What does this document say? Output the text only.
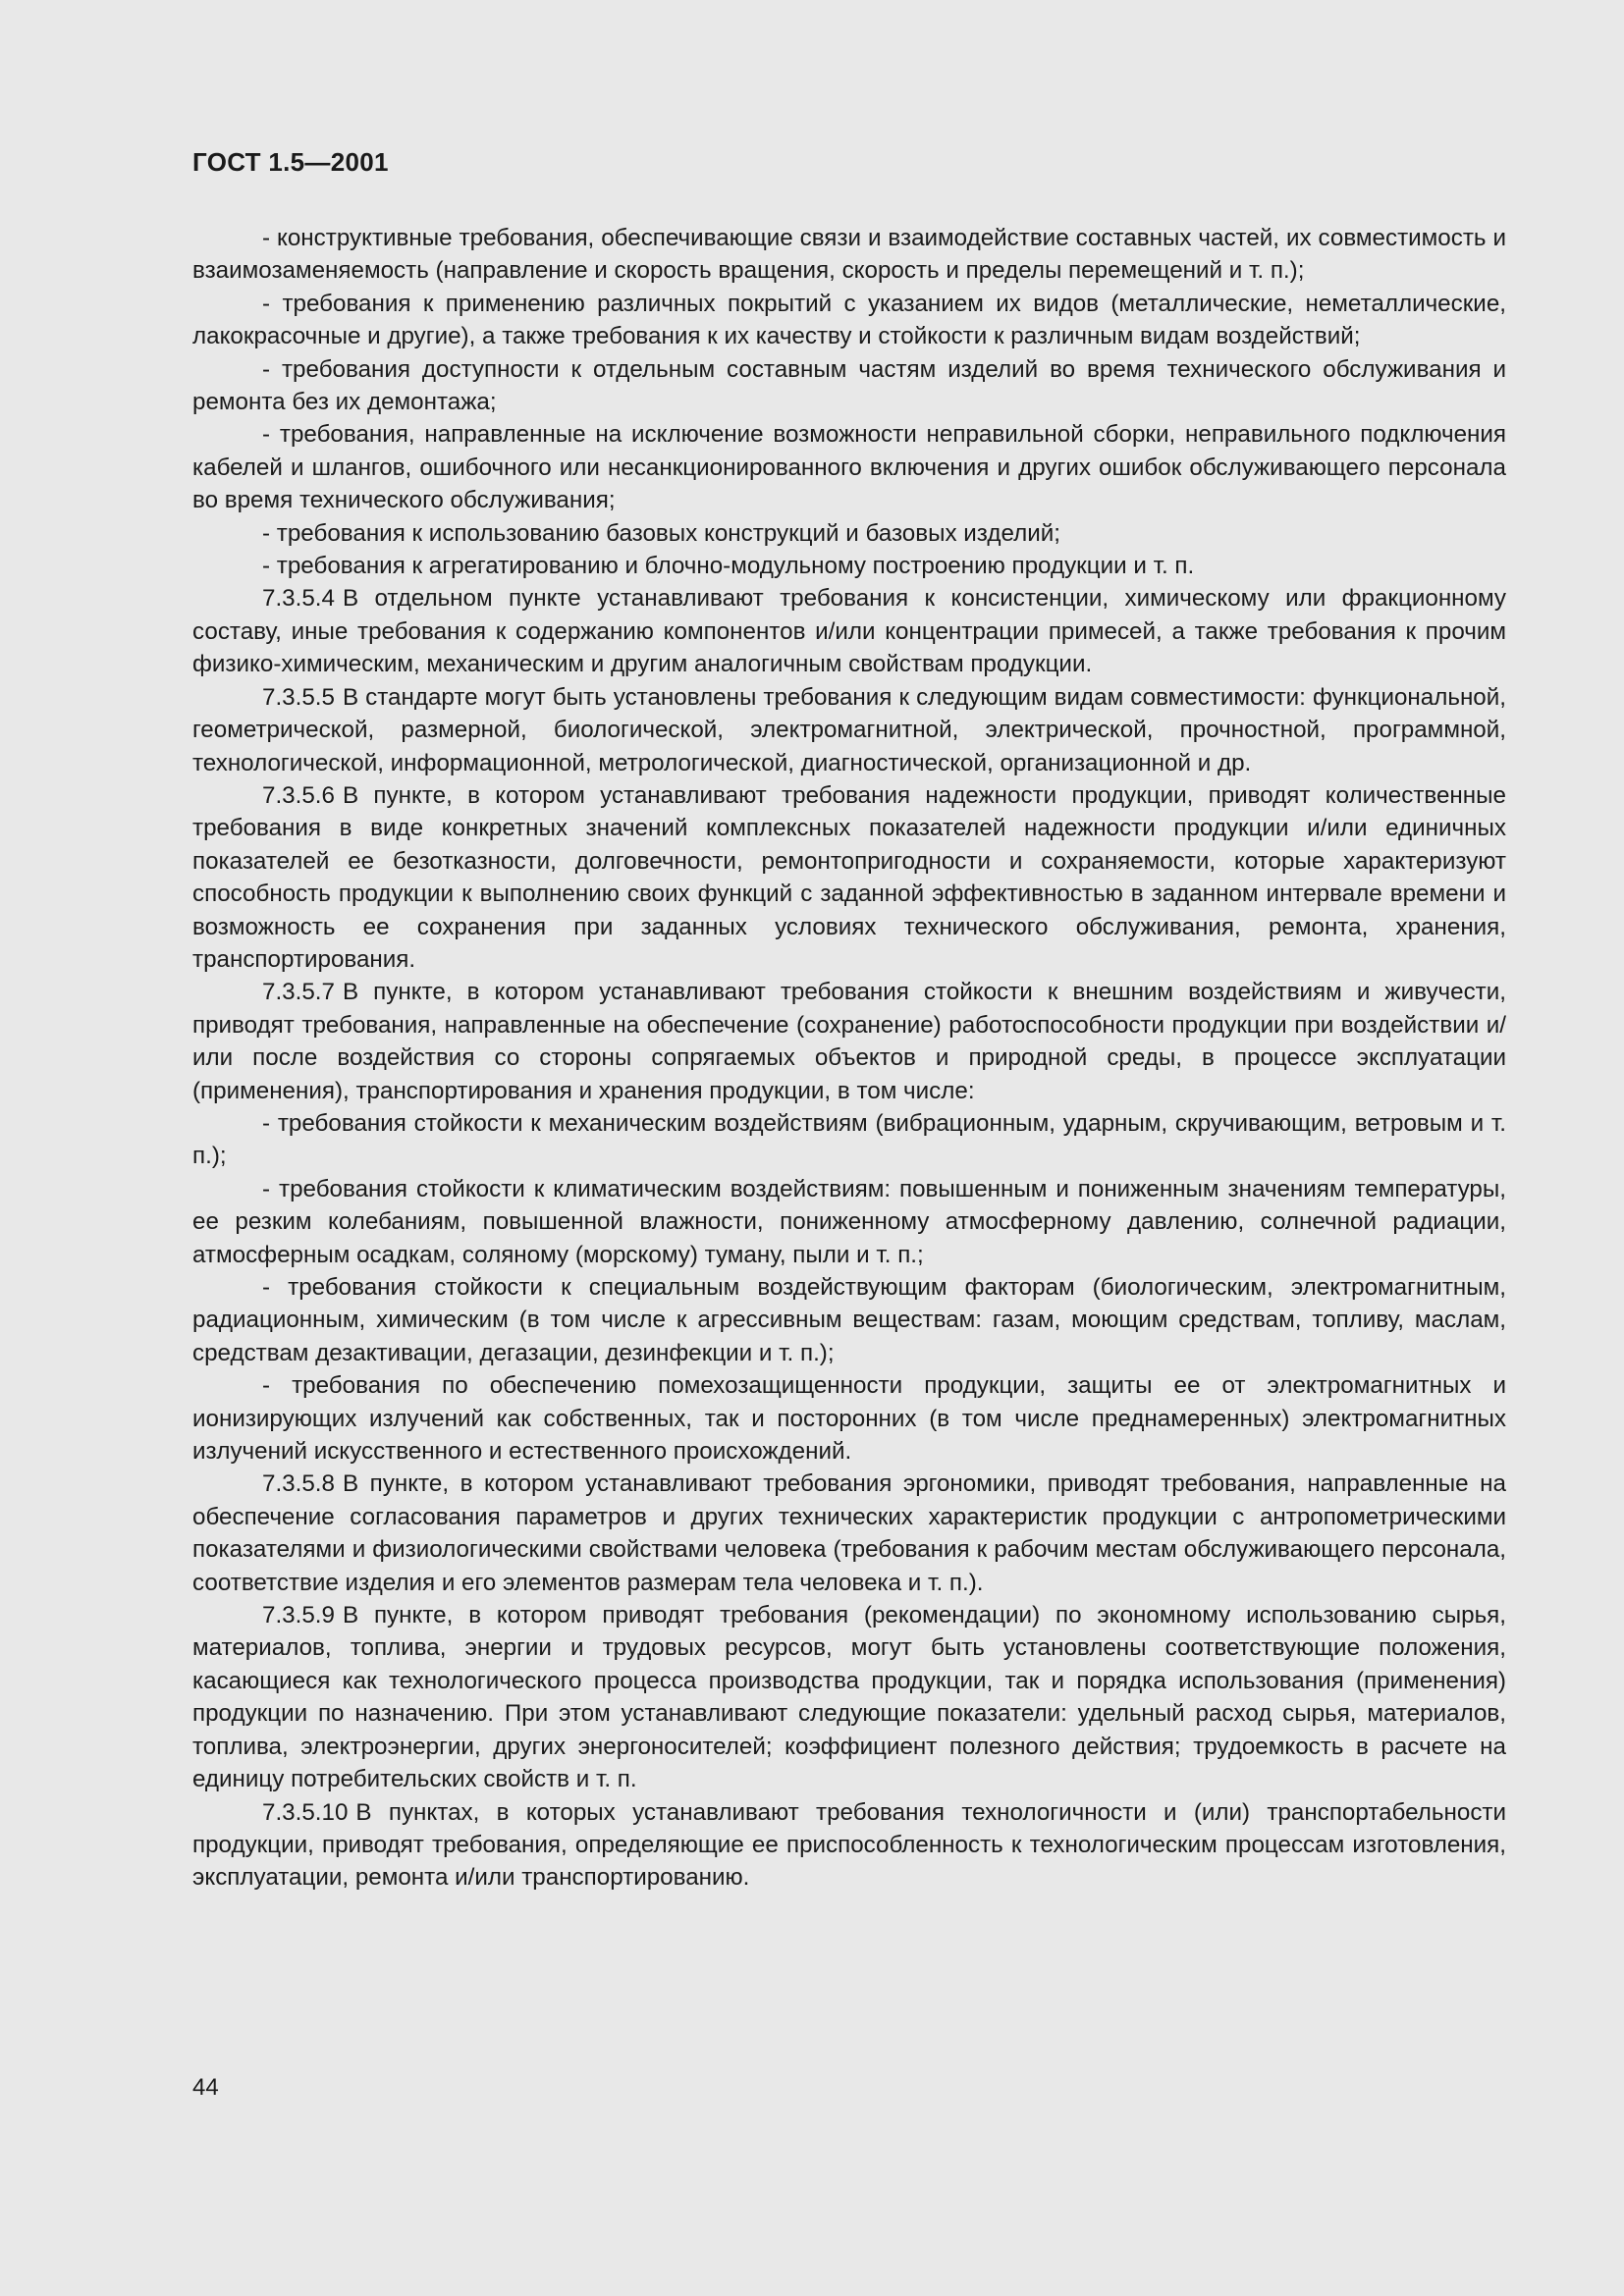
ГОСТ 1.5—2001

- конструктивные требования, обеспечивающие связи и взаимодействие составных частей, их совместимость и взаимозаменяемость (направление и скорость вращения, скорость и пределы перемещений и т. п.);

- требования к применению различных покрытий с указанием их видов (металлические, неметаллические, лакокрасочные и другие), а также требования к их качеству и стойкости к различным видам воздействий;

- требования доступности к отдельным составным частям изделий во время технического обслуживания и ремонта без их демонтажа;

- требования, направленные на исключение возможности неправильной сборки, неправильного подключения кабелей и шлангов, ошибочного или несанкционированного включения и других ошибок обслуживающего персонала во время технического обслуживания;

- требования к использованию базовых конструкций и базовых изделий;

- требования к агрегатированию и блочно-модульному построению продукции и т. п.

7.3.5.4 В отдельном пункте устанавливают требования к консистенции, химическому или фракционному составу, иные требования к содержанию компонентов и/или концентрации примесей, а также требования к прочим физико-химическим, механическим и другим аналогичным свойствам продукции.

7.3.5.5 В стандарте могут быть установлены требования к следующим видам совместимости: функциональной, геометрической, размерной, биологической, электромагнитной, электрической, прочностной, программной, технологической, информационной, метрологической, диагностической, организационной и др.

7.3.5.6 В пункте, в котором устанавливают требования надежности продукции, приводят количественные требования в виде конкретных значений комплексных показателей надежности продукции и/или единичных показателей ее безотказности, долговечности, ремонтопригодности и сохраняемости, которые характеризуют способность продукции к выполнению своих функций с заданной эффективностью в заданном интервале времени и возможность ее сохранения при заданных условиях технического обслуживания, ремонта, хранения, транспортирования.

7.3.5.7 В пункте, в котором устанавливают требования стойкости к внешним воздействиям и живучести, приводят требования, направленные на обеспечение (сохранение) работоспособности продукции при воздействии и/или после воздействия со стороны сопрягаемых объектов и природной среды, в процессе эксплуатации (применения), транспортирования и хранения продукции, в том числе:

- требования стойкости к механическим воздействиям (вибрационным, ударным, скручивающим, ветровым и т. п.);

- требования стойкости к климатическим воздействиям: повышенным и пониженным значениям температуры, ее резким колебаниям, повышенной влажности, пониженному атмосферному давлению, солнечной радиации, атмосферным осадкам, соляному (морскому) туману, пыли и т. п.;

- требования стойкости к специальным воздействующим факторам (биологическим, электромагнитным, радиационным, химическим (в том числе к агрессивным веществам: газам, моющим средствам, топливу, маслам, средствам дезактивации, дегазации, дезинфекции и т. п.);

- требования по обеспечению помехозащищенности продукции, защиты ее от электромагнитных и ионизирующих излучений как собственных, так и посторонних (в том числе преднамеренных) электромагнитных излучений искусственного и естественного происхождений.

7.3.5.8 В пункте, в котором устанавливают требования эргономики, приводят требования, направленные на обеспечение согласования параметров и других технических характеристик продукции с антропометрическими показателями и физиологическими свойствами человека (требования к рабочим местам обслуживающего персонала, соответствие изделия и его элементов размерам тела человека и т. п.).

7.3.5.9 В пункте, в котором приводят требования (рекомендации) по экономному использованию сырья, материалов, топлива, энергии и трудовых ресурсов, могут быть установлены соответствующие положения, касающиеся как технологического процесса производства продукции, так и порядка использования (применения) продукции по назначению. При этом устанавливают следующие показатели: удельный расход сырья, материалов, топлива, электроэнергии, других энергоносителей; коэффициент полезного действия; трудоемкость в расчете на единицу потребительских свойств и т. п.

7.3.5.10 В пунктах, в которых устанавливают требования технологичности и (или) транспортабельности продукции, приводят требования, определяющие ее приспособленность к технологическим процессам изготовления, эксплуатации, ремонта и/или транспортированию.

44
